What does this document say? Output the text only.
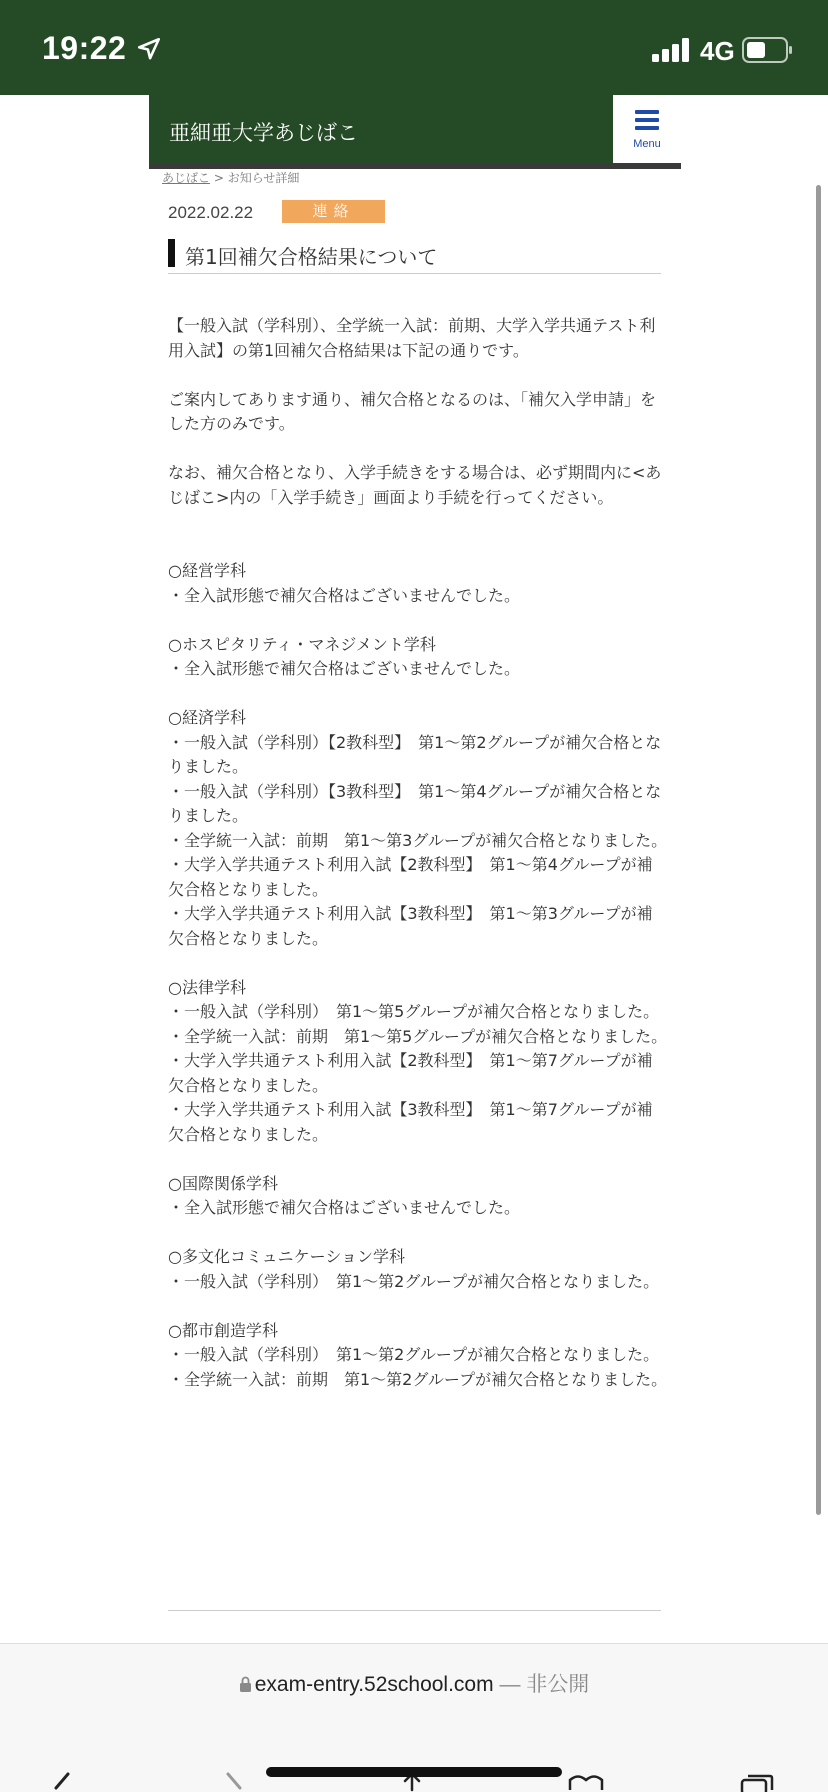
19:22	4G
亜細亜大学あじばこ	Menu
あじばこ > お知らせ詳細
2022.02.22	連絡
第1回補欠合格結果について

【一般入試（学科別）、全学統一入試：前期、大学入学共通テスト利用入試】の第1回補欠合格結果は下記の通りです。

ご案内してあります通り、補欠合格となるのは、「補欠入学申請」をした方のみです。

なお、補欠合格となり、入学手続きをする場合は、必ず期間内に<あじばこ>内の「入学手続き」画面より手続を行ってください。

○経営学科

・全入試形態で補欠合格はございませんでした。

○ホスピタリティ・マネジメント学科

・全入試形態で補欠合格はございませんでした。

○経済学科

・一般入試（学科別）【2教科型】　第1〜第2グループが補欠合格となりました。

・一般入試（学科別）【3教科型】　第1〜第4グループが補欠合格となりました。

・全学統一入試：前期　第1〜第3グループが補欠合格となりました。

・大学入学共通テスト利用入試【2教科型】　第1〜第4グループが補欠合格となりました。

・大学入学共通テスト利用入試【3教科型】　第1〜第3グループが補欠合格となりました。

○法律学科

・一般入試（学科別）　第1〜第5グループが補欠合格となりました。

・全学統一入試：前期　第1〜第5グループが補欠合格となりました。

・大学入学共通テスト利用入試【2教科型】　第1〜第7グループが補欠合格となりました。

・大学入学共通テスト利用入試【3教科型】　第1〜第7グループが補欠合格となりました。

○国際関係学科

・全入試形態で補欠合格はございませんでした。

○多文化コミュニケーション学科

・一般入試（学科別）　第1〜第2グループが補欠合格となりました。

○都市創造学科

・一般入試（学科別）　第1〜第2グループが補欠合格となりました。

・全学統一入試：前期　第1〜第2グループが補欠合格となりました。

exam-entry.52school.com — 非公開
